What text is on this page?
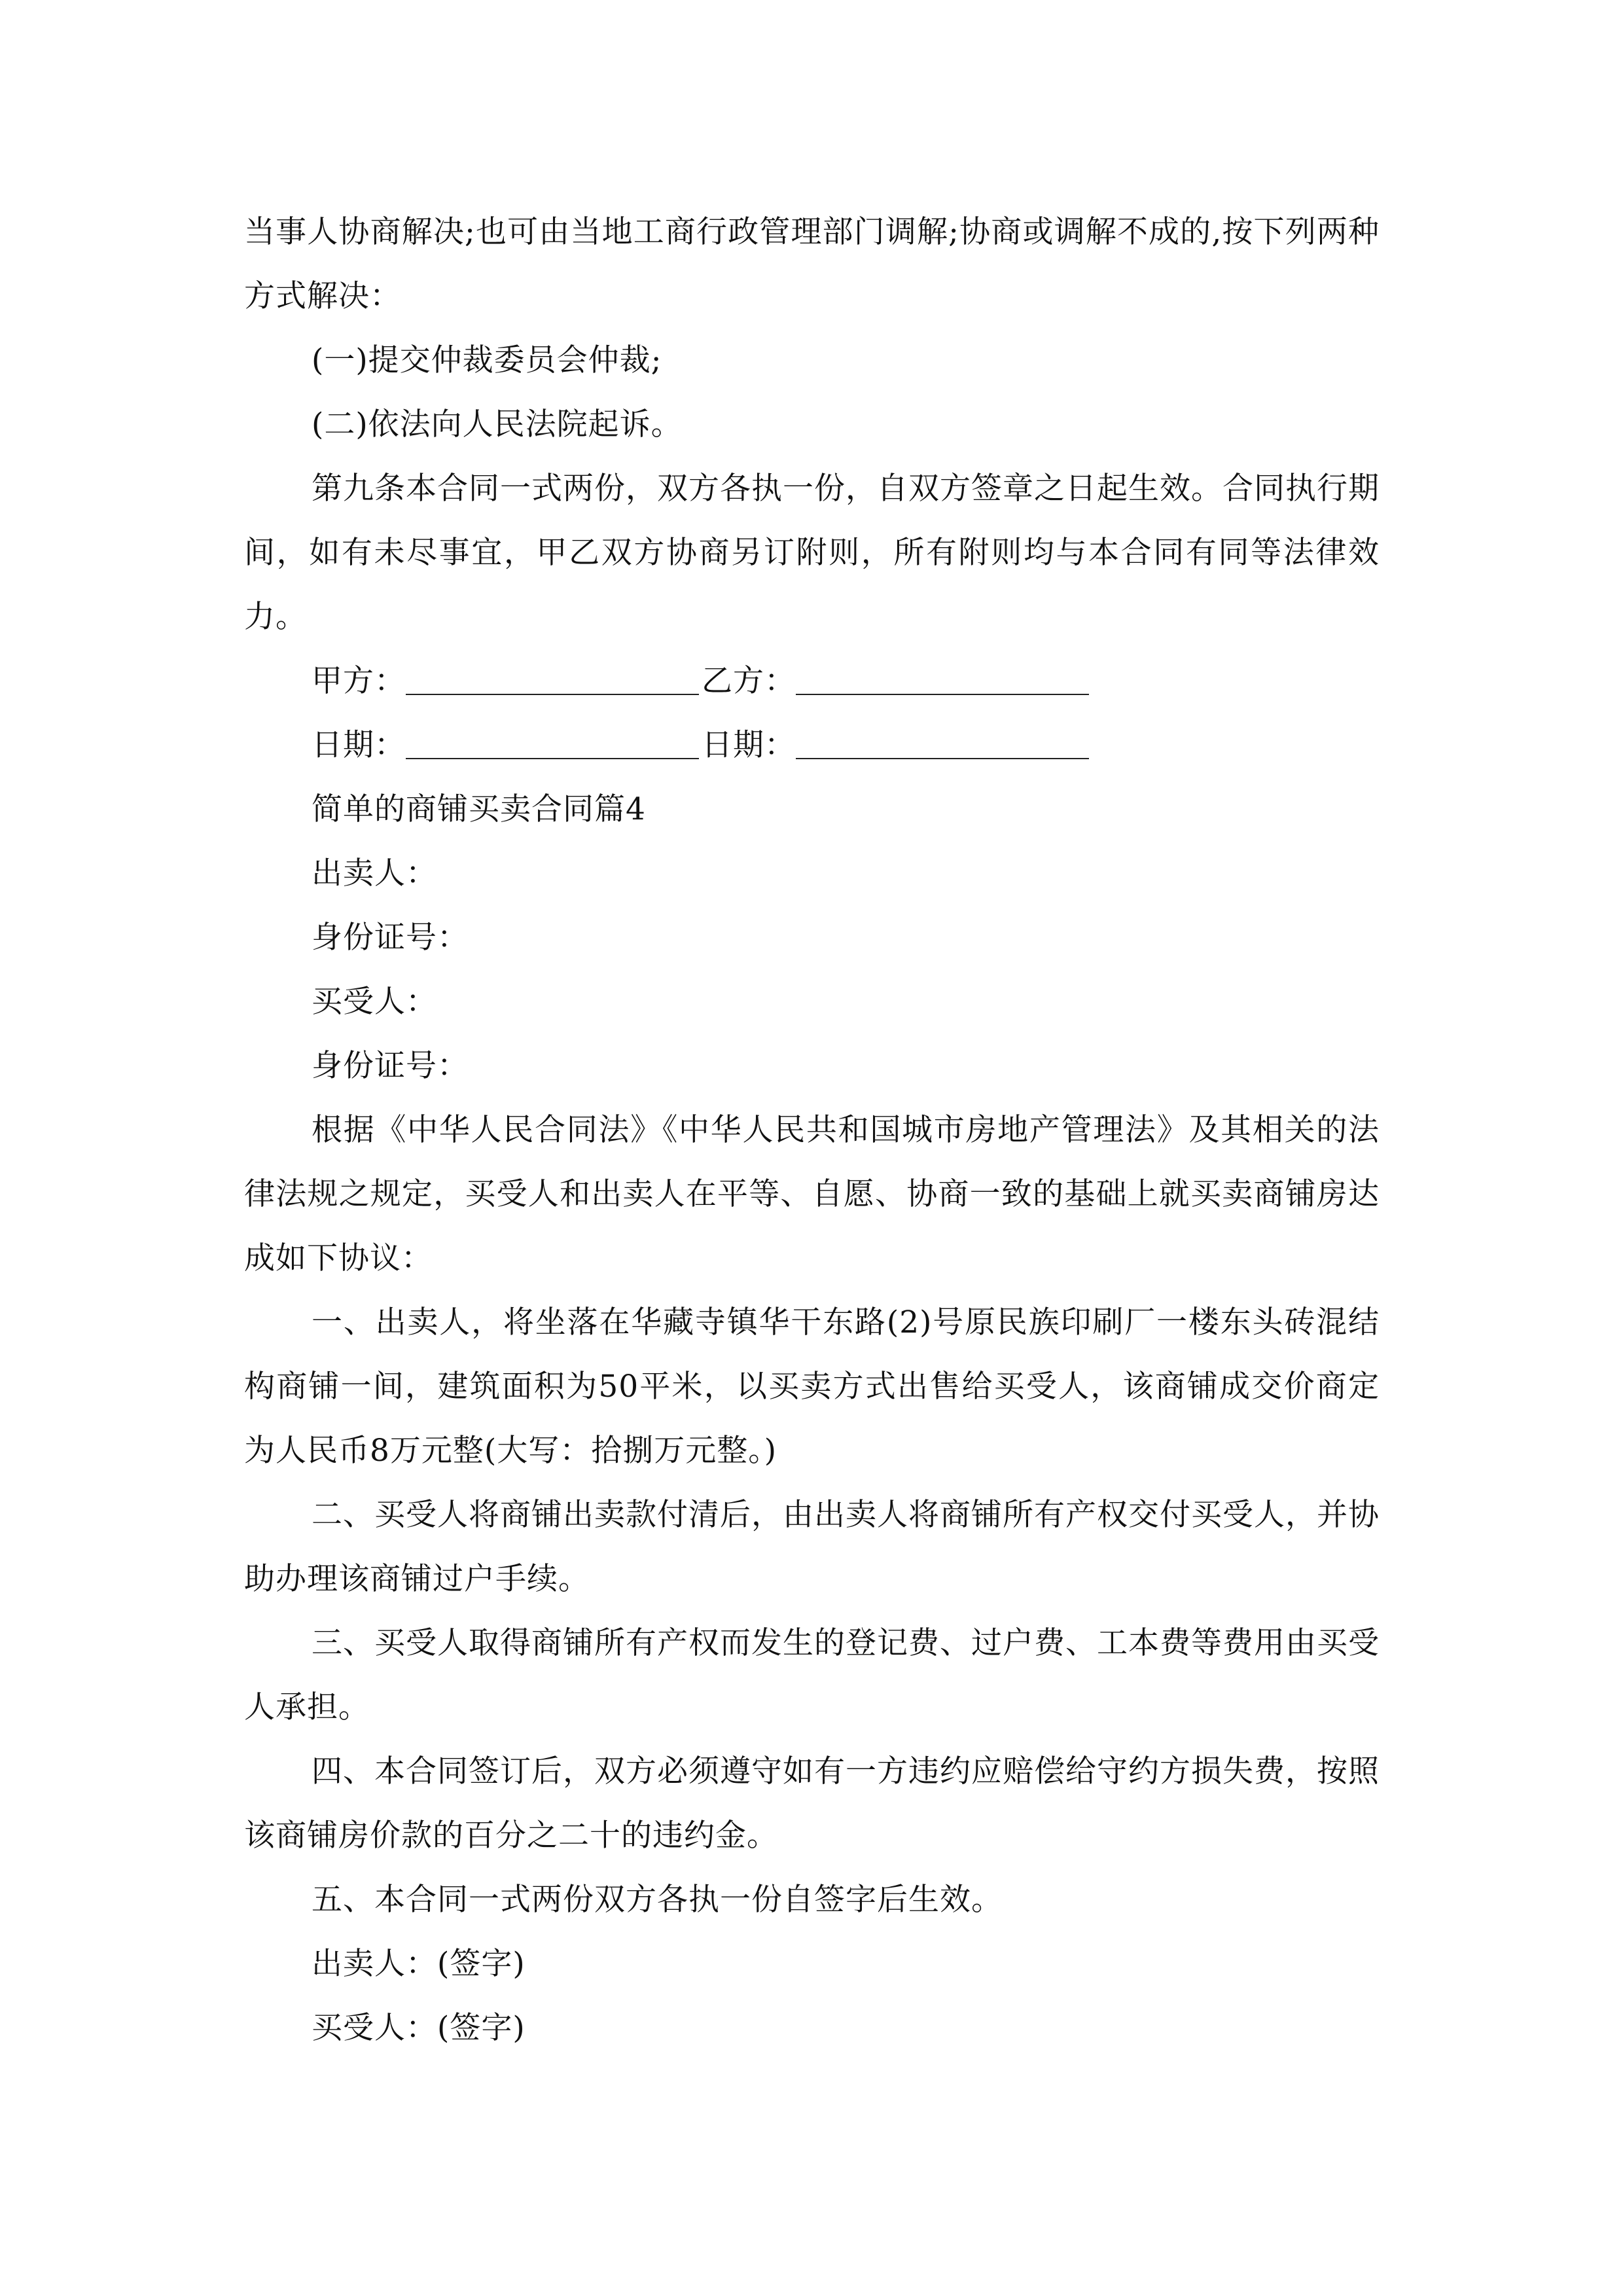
当事人协商解决;也可由当地工商行政管理部门调解;协商或调解不成的,按下列两种方式解决：

(一)提交仲裁委员会仲裁;

(二)依法向人民法院起诉。

第九条本合同一式两份，双方各执一份，自双方签章之日起生效。合同执行期间，如有未尽事宜，甲乙双方协商另订附则，所有附则均与本合同有同等法律效力。

甲方：	乙方：
日期：	日期：

简单的商铺买卖合同篇4

出卖人：

身份证号：

买受人：

身份证号：

根据《中华人民合同法》《中华人民共和国城市房地产管理法》及其相关的法律法规之规定，买受人和出卖人在平等、自愿、协商一致的基础上就买卖商铺房达成如下协议：

一、出卖人，将坐落在华藏寺镇华干东路(2)号原民族印刷厂一楼东头砖混结构商铺一间，建筑面积为50平米，以买卖方式出售给买受人，该商铺成交价商定为人民币8万元整(大写：拾捌万元整。)

二、买受人将商铺出卖款付清后，由出卖人将商铺所有产权交付买受人，并协助办理该商铺过户手续。

三、买受人取得商铺所有产权而发生的登记费、过户费、工本费等费用由买受人承担。

四、本合同签订后，双方必须遵守如有一方违约应赔偿给守约方损失费，按照该商铺房价款的百分之二十的违约金。

五、本合同一式两份双方各执一份自签字后生效。

出卖人：(签字)

买受人：(签字)
